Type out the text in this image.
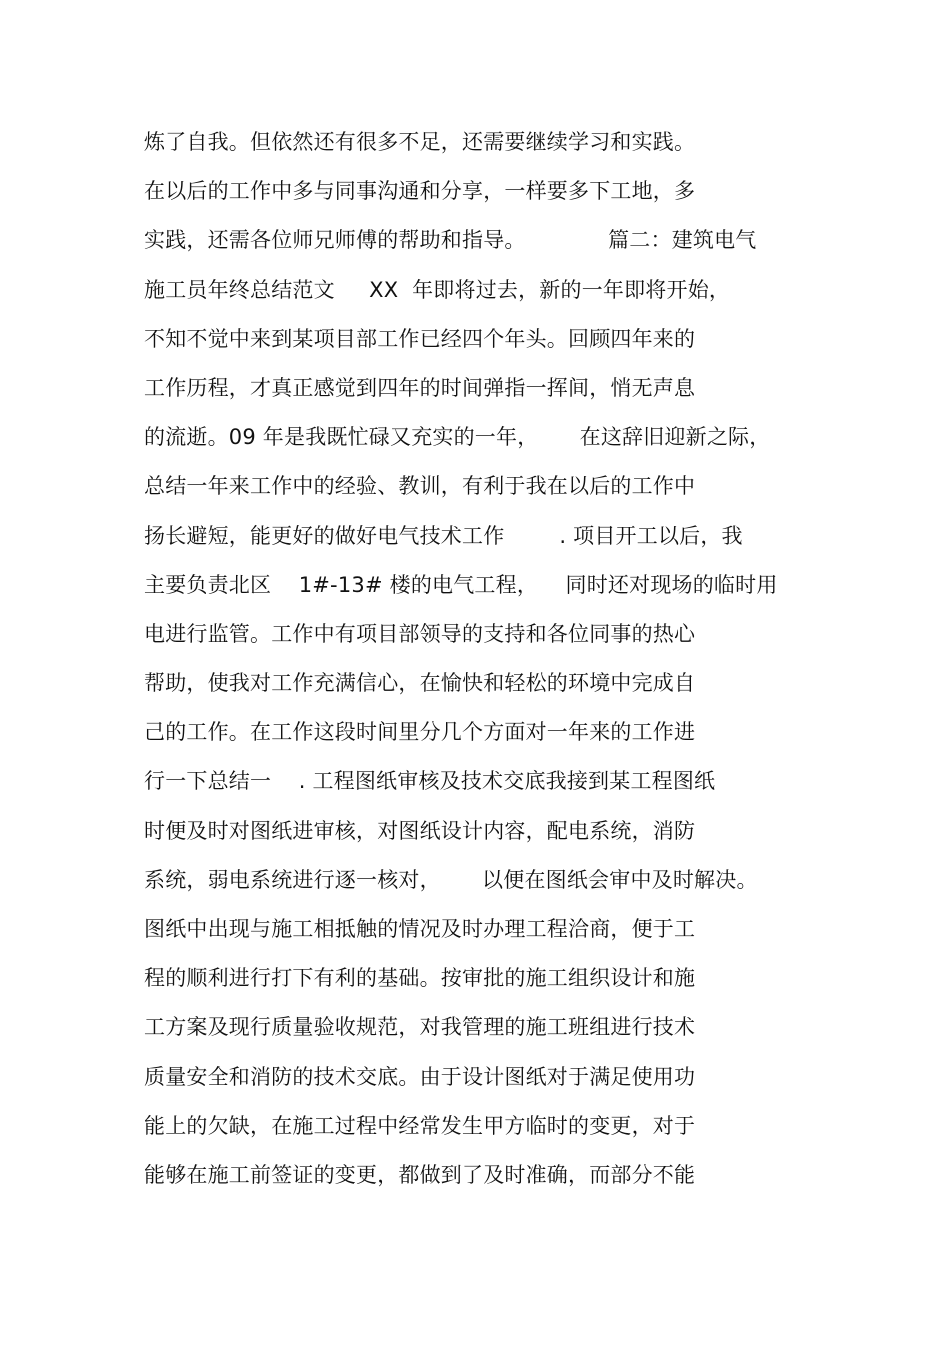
炼了自我。但依然还有很多不足，还需要继续学习和实践。
在以后的工作中多与同事沟通和分享，一样要多下工地，多
实践，还需各位师兄师傅的帮助和指导。            篇二：建筑电气
施工员年终总结范文     XX  年即将过去，新的一年即将开始，
不知不觉中来到某项目部工作已经四个年头。回顾四年来的
工作历程，才真正感觉到四年的时间弹指一挥间，悄无声息
的流逝。09 年是我既忙碌又充实的一年，      在这辞旧迎新之际，
总结一年来工作中的经验、教训，有利于我在以后的工作中
扬长避短，能更好的做好电气技术工作        . 项目开工以后，我
主要负责北区    1#-13# 楼的电气工程，    同时还对现场的临时用
电进行监管。工作中有项目部领导的支持和各位同事的热心
帮助，使我对工作充满信心，在愉快和轻松的环境中完成自
己的工作。在工作这段时间里分几个方面对一年来的工作进
行一下总结一    . 工程图纸审核及技术交底我接到某工程图纸
时便及时对图纸进审核，对图纸设计内容，配电系统，消防
系统，弱电系统进行逐一核对，      以便在图纸会审中及时解决。
图纸中出现与施工相抵触的情况及时办理工程洽商，便于工
程的顺利进行打下有利的基础。按审批的施工组织设计和施
工方案及现行质量验收规范，对我管理的施工班组进行技术
质量安全和消防的技术交底。由于设计图纸对于满足使用功
能上的欠缺，在施工过程中经常发生甲方临时的变更，对于
能够在施工前签证的变更，都做到了及时准确，而部分不能
